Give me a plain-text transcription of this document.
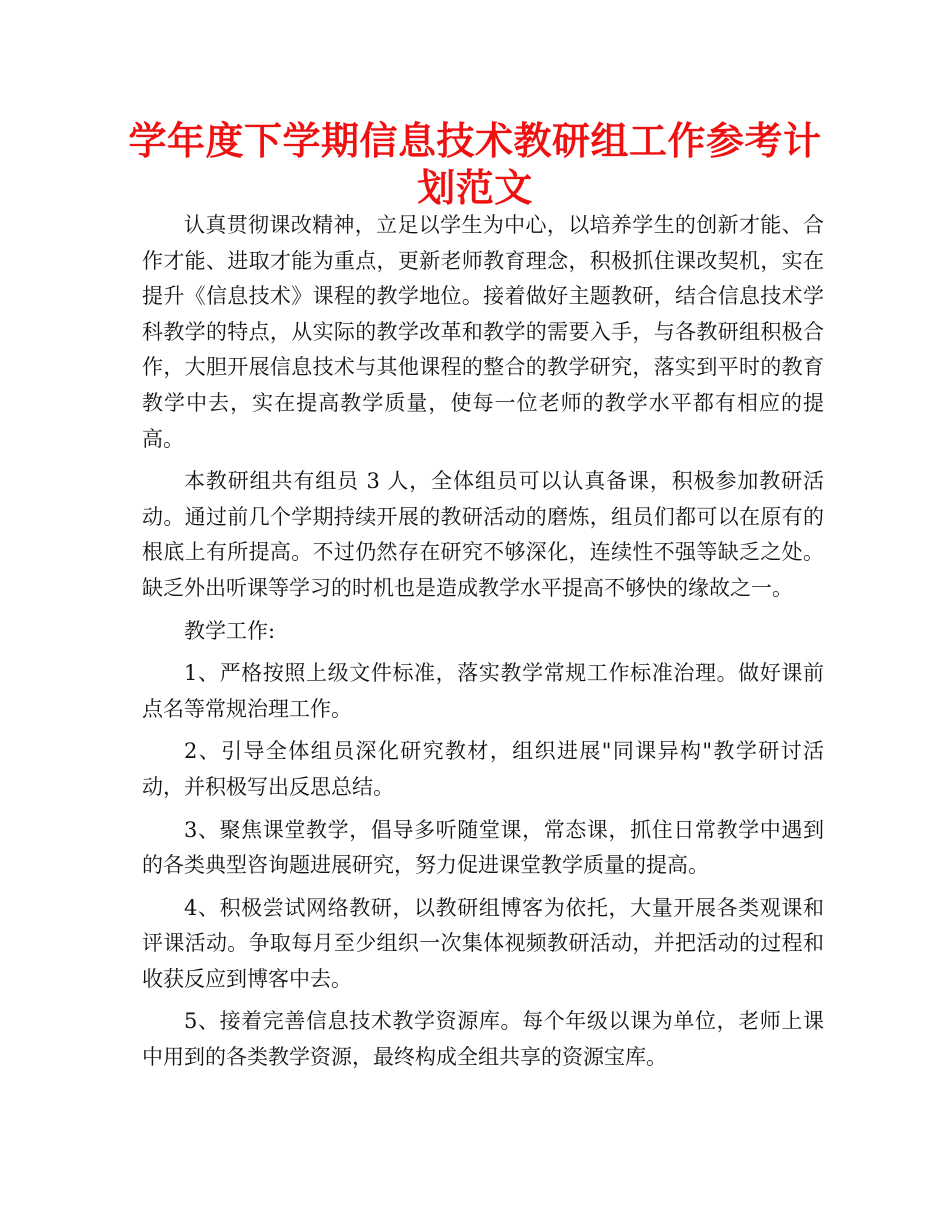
学年度下学期信息技术教研组工作参考计划范文

认真贯彻课改精神，立足以学生为中心，以培养学生的创新才能、合作才能、进取才能为重点，更新老师教育理念，积极抓住课改契机，实在提升《信息技术》课程的教学地位。接着做好主题教研，结合信息技术学科教学的特点，从实际的教学改革和教学的需要入手，与各教研组积极合作，大胆开展信息技术与其他课程的整合的教学研究，落实到平时的教育教学中去，实在提高教学质量，使每一位老师的教学水平都有相应的提高。

本教研组共有组员 3 人，全体组员可以认真备课，积极参加教研活动。通过前几个学期持续开展的教研活动的磨炼，组员们都可以在原有的根底上有所提高。不过仍然存在研究不够深化，连续性不强等缺乏之处。缺乏外出听课等学习的时机也是造成教学水平提高不够快的缘故之一。

教学工作:

1、严格按照上级文件标准，落实教学常规工作标准治理。做好课前点名等常规治理工作。

2、引导全体组员深化研究教材，组织进展"同课异构"教学研讨活动，并积极写出反思总结。

3、聚焦课堂教学，倡导多听随堂课，常态课，抓住日常教学中遇到的各类典型咨询题进展研究，努力促进课堂教学质量的提高。

4、积极尝试网络教研，以教研组博客为依托，大量开展各类观课和评课活动。争取每月至少组织一次集体视频教研活动，并把活动的过程和收获反应到博客中去。

5、接着完善信息技术教学资源库。每个年级以课为单位，老师上课中用到的各类教学资源，最终构成全组共享的资源宝库。
